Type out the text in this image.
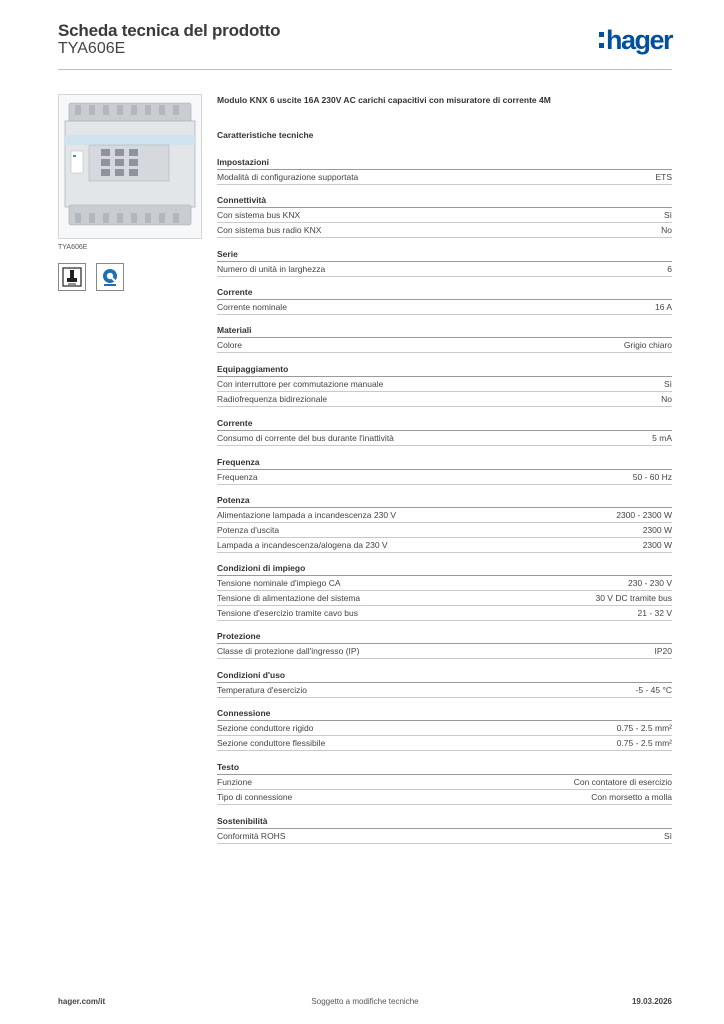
Scheda tecnica del prodotto
TYA606E	hager
TYA606E
Modulo KNX 6 uscite 16A 230V AC carichi capacitivi con misuratore di corrente 4M
Caratteristiche tecniche
Impostazioni
Modalità di configurazione supportata	ETS
Connettività
Con sistema bus KNX	Sì
Con sistema bus radio KNX	No
Serie
Numero di unità in larghezza	6
Corrente
Corrente nominale	16 A
Materiali
Colore	Grigio chiaro
Equipaggiamento
Con interruttore per commutazione manuale	Sì
Radiofrequenza bidirezionale	No
Corrente
Consumo di corrente del bus durante l'inattività	5 mA
Frequenza
Frequenza	50 - 60 Hz
Potenza
Alimentazione lampada a incandescenza 230 V	2300 - 2300 W
Potenza d'uscita	2300 W
Lampada a incandescenza/alogena da 230 V	2300 W
Condizioni di impiego
Tensione nominale d'impiego CA	230 - 230 V
Tensione di alimentazione del sistema	30 V DC tramite bus
Tensione d'esercizio tramite cavo bus	21 - 32 V
Protezione
Classe di protezione dall'ingresso (IP)	IP20
Condizioni d'uso
Temperatura d'esercizio	-5 - 45 °C
Connessione
Sezione conduttore rigido	0.75 - 2.5 mm²
Sezione conduttore flessibile	0.75 - 2.5 mm²
Testo
Funzione	Con contatore di esercizio
Tipo di connessione	Con morsetto a molla
Sostenibilità
Conformità ROHS	Sì
hager.com/it	Soggetto a modifiche tecniche	19.03.2026
